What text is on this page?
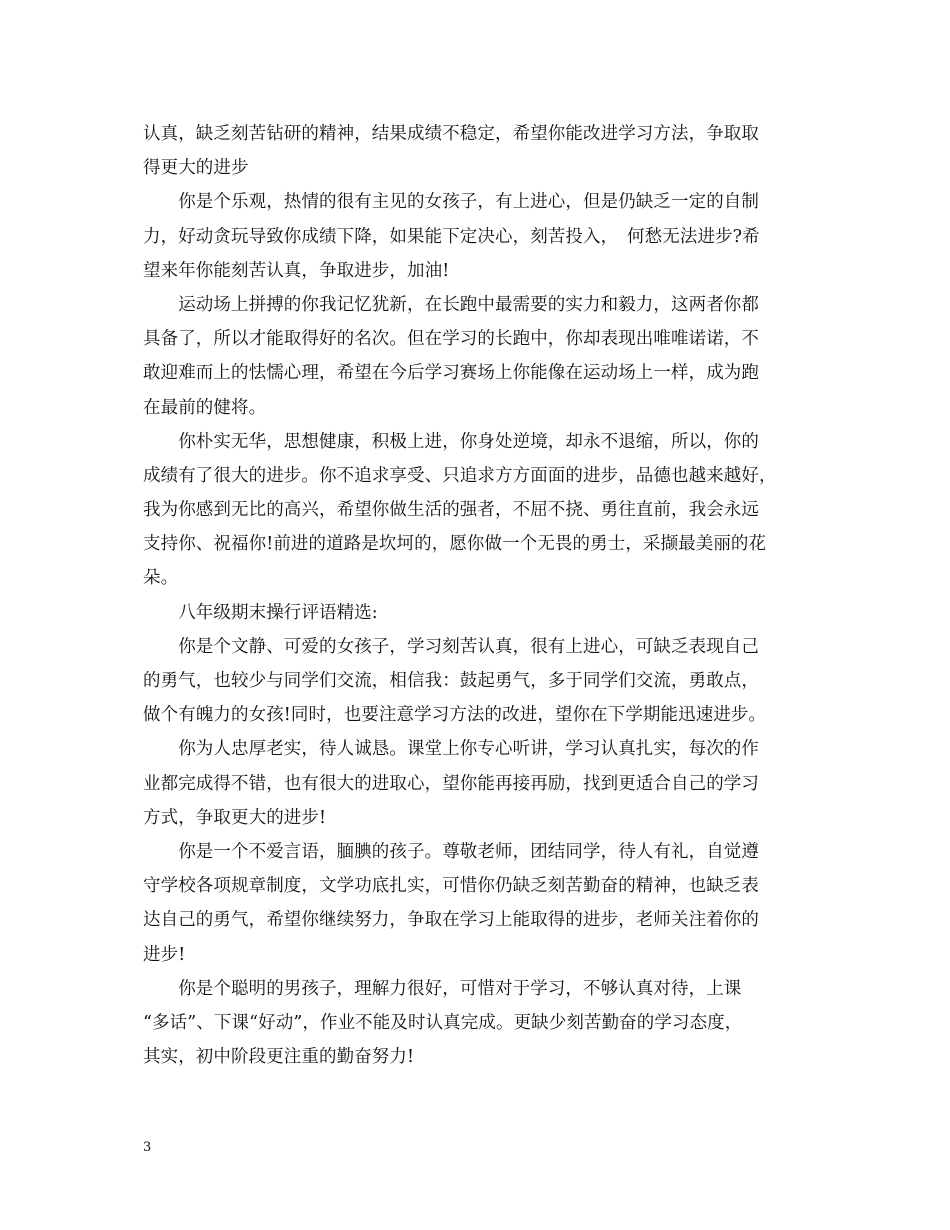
认真，缺乏刻苦钻研的精神，结果成绩不稳定，希望你能改进学习方法，争取取
得更大的进步
　　你是个乐观，热情的很有主见的女孩子，有上进心，但是仍缺乏一定的自制
力，好动贪玩导致你成绩下降，如果能下定决心，刻苦投入，　何愁无法进步?希
望来年你能刻苦认真，争取进步，加油!
　　运动场上拼搏的你我记忆犹新，在长跑中最需要的实力和毅力，这两者你都
具备了，所以才能取得好的名次。但在学习的长跑中，你却表现出唯唯诺诺，不
敢迎难而上的怯懦心理，希望在今后学习赛场上你能像在运动场上一样，成为跑
在最前的健将。
　　你朴实无华，思想健康，积极上进，你身处逆境，却永不退缩，所以，你的
成绩有了很大的进步。你不追求享受、只追求方方面面的进步，品德也越来越好，
我为你感到无比的高兴，希望你做生活的强者，不屈不挠、勇往直前，我会永远
支持你、祝福你!前进的道路是坎坷的，愿你做一个无畏的勇士，采撷最美丽的花
朵。
　　八年级期末操行评语精选:
　　你是个文静、可爱的女孩子，学习刻苦认真，很有上进心，可缺乏表现自己
的勇气，也较少与同学们交流，相信我：鼓起勇气，多于同学们交流，勇敢点，
做个有魄力的女孩!同时，也要注意学习方法的改进，望你在下学期能迅速进步。
　　你为人忠厚老实，待人诚恳。课堂上你专心听讲，学习认真扎实，每次的作
业都完成得不错，也有很大的进取心，望你能再接再励，找到更适合自己的学习
方式，争取更大的进步!
　　你是一个不爱言语，腼腆的孩子。尊敬老师，团结同学，待人有礼，自觉遵
守学校各项规章制度，文学功底扎实，可惜你仍缺乏刻苦勤奋的精神，也缺乏表
达自己的勇气，希望你继续努力，争取在学习上能取得的进步，老师关注着你的
进步!
　　你是个聪明的男孩子，理解力很好，可惜对于学习，不够认真对待，上课
“多话”、下课“好动”，作业不能及时认真完成。更缺少刻苦勤奋的学习态度，
其实，初中阶段更注重的勤奋努力!
3
